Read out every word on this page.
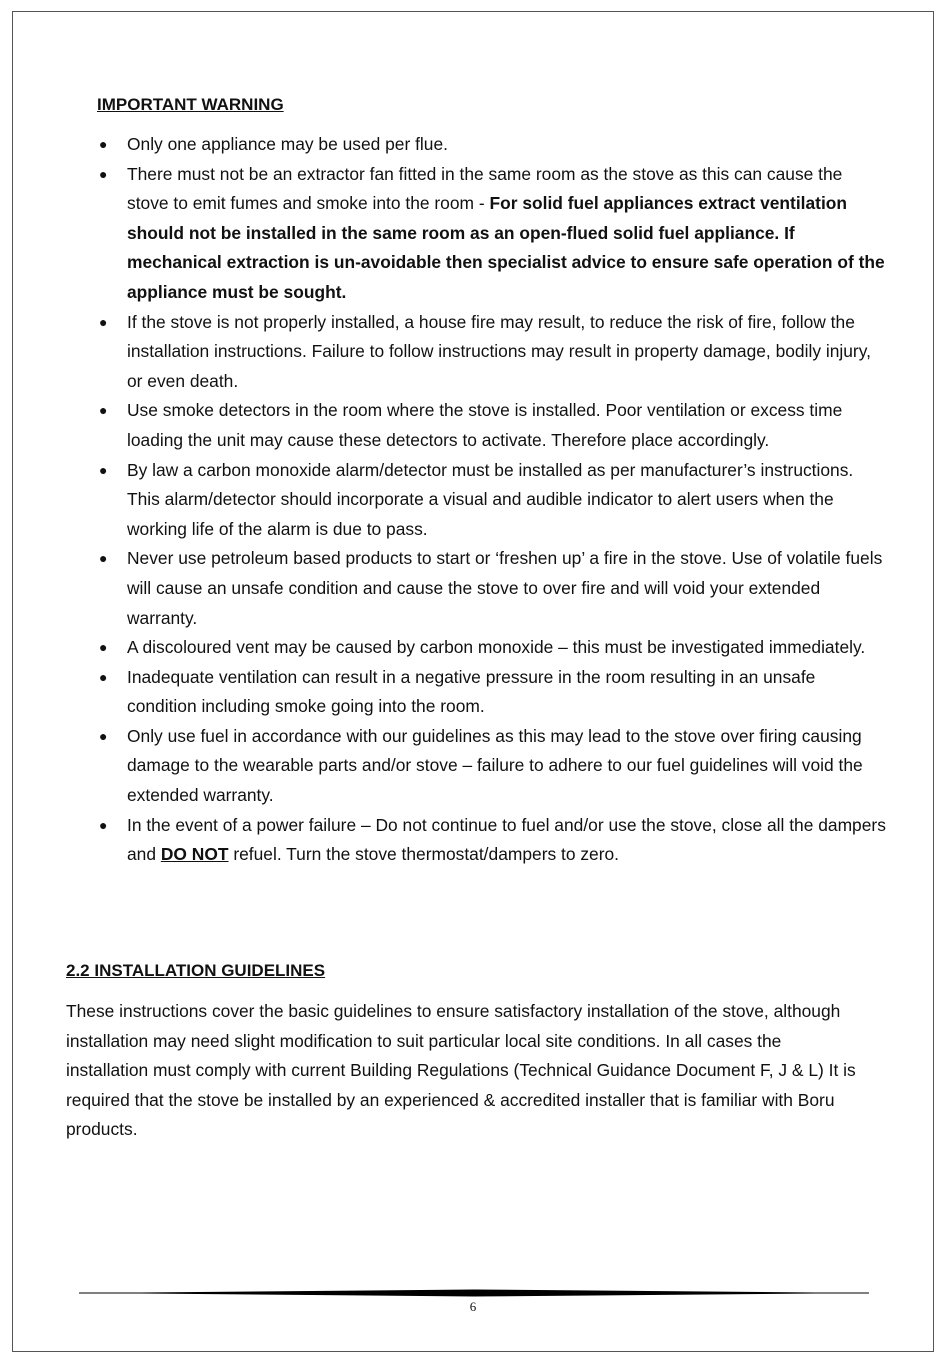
IMPORTANT WARNING
●	Only one appliance may be used per flue.
●	There must not be an extractor fan fitted in the same room as the stove as this can cause the stove to emit fumes and smoke into the room - For solid fuel appliances extract ventilation should not be installed in the same room as an open-flued solid fuel appliance. If mechanical extraction is un-avoidable then specialist advice to ensure safe operation of the appliance must be sought.
●	If the stove is not properly installed, a house fire may result, to reduce the risk of fire, follow the installation instructions. Failure to follow instructions may result in property damage, bodily injury, or even death.
●	Use smoke detectors in the room where the stove is installed. Poor ventilation or excess time loading the unit may cause these detectors to activate. Therefore place accordingly.
●	By law a carbon monoxide alarm/detector must be installed as per manufacturer’s instructions. This alarm/detector should incorporate a visual and audible indicator to alert users when the working life of the alarm is due to pass.
●	Never use petroleum based products to start or ‘freshen up’ a fire in the stove. Use of volatile fuels will cause an unsafe condition and cause the stove to over fire and will void your extended warranty.
●	A discoloured vent may be caused by carbon monoxide – this must be investigated immediately.
●	Inadequate ventilation can result in a negative pressure in the room resulting in an unsafe condition including smoke going into the room.
●	Only use fuel in accordance with our guidelines as this may lead to the stove over firing causing damage to the wearable parts and/or stove – failure to adhere to our fuel guidelines will void the extended warranty.
●	In the event of a power failure – Do not continue to fuel and/or use the stove, close all the dampers and DO NOT refuel. Turn the stove thermostat/dampers to zero.
2.2 INSTALLATION GUIDELINES

These instructions cover the basic guidelines to ensure satisfactory installation of the stove, although installation may need slight modification to suit particular local site conditions. In all cases the installation must comply with current Building Regulations (Technical Guidance Document F, J & L) It is required that the stove be installed by an experienced & accredited installer that is familiar with Boru products.

6
